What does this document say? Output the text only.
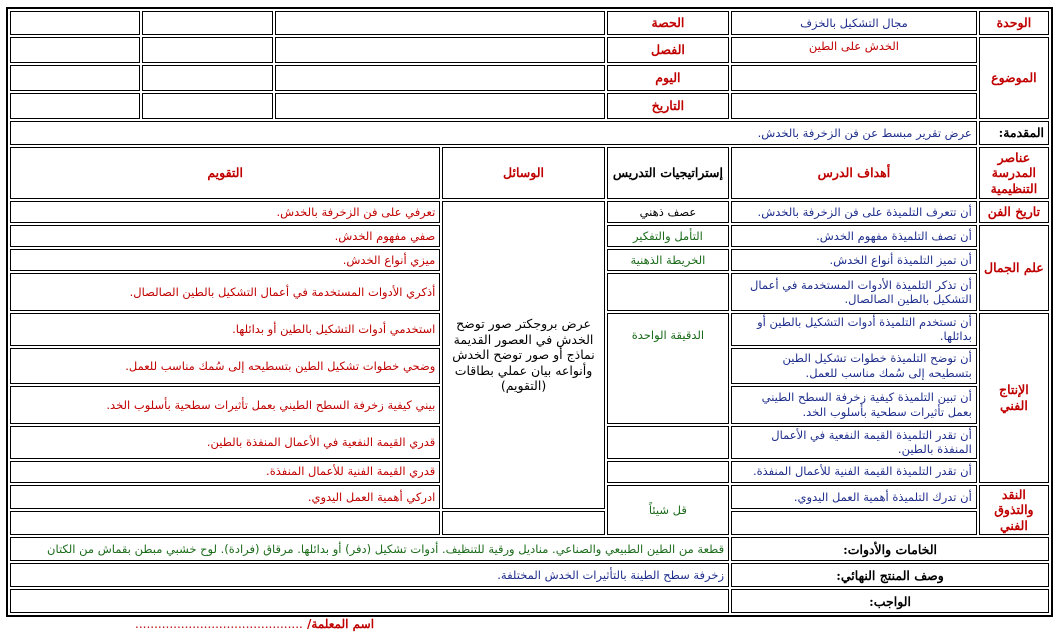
الوحدة	مجال التشكيل بالخزف	الحصة				
الموضوع	الخدش على الطين	الفصل				
		اليوم				
		التاريخ				
المقدمة:	عرض تقرير مبسط عن فن الزخرفة بالخدش.					
عناصر المدرسة التنظيمية	أهداف الدرس	إستراتيجيات التدريس	الوسائل	التقويم		
تاريخ الفن	أن تتعرف التلميذة على فن الزخرفة بالخدش.	عصف ذهني	عرض بروجكتر صور توضح الخدش في العصور القديمة نماذج أو صور توضح الخدش وأنواعه بيان عملي بطاقات (التقويم)	تعرفي على فن الزخرفة بالخدش.		
علم الجمال	أن تصف التلميذة مفهوم الخدش.	التأمل والتفكير		صفي مفهوم الخدش.		
	أن تميز التلميذة أنواع الخدش.	الخريطة الذهنية		ميزي أنواع الخدش.		
	أن تذكر التلميذة الأدوات المستخدمة في أعمال التشكيل بالطين الصالصال.			أذكري الأدوات المستخدمة في أعمال التشكيل بالطين الصالصال.		
الإنتاج الفني	أن تستخدم التلميذة أدوات التشكيل بالطين أو بدائلها.	الدقيقة الواحدة		استخدمي أدوات التشكيل بالطين أو بدائلها.		
	أن توضح التلميذة خطوات تشكيل الطين بتسطيحه إلى سُمك مناسب للعمل.			وضحي خطوات تشكيل الطين بتسطيحه إلى سُمك مناسب للعمل.		
	أن تبين التلميذة كيفية زخرفة السطح الطيني بعمل تأثيرات سطحية بأسلوب الخد.			بيني كيفية زخرفة السطح الطيني بعمل تأثيرات سطحية بأسلوب الخد.		
	أن تقدر التلميذة القيمة النفعية في الأعمال المنفذة بالطين.			قدري القيمة النفعية في الأعمال المنفذة بالطين.		
	أن تقدر التلميذة القيمة الفنية للأعمال المنفذة.			قدري القيمة الفنية للأعمال المنفذة.		
النقد والتذوق الفني	أن تدرك التلميذة أهمية العمل اليدوي.	قل شيئاً		ادركي أهمية العمل اليدوي.		

الخامات والأدوات:		قطعة من الطين الطبيعي والصناعي. مناديل ورقية للتنظيف. أدوات تشكيل (دفر) أو بدائلها. مرقاق (فرادة). لوح خشبي مبطن بقماش من الكتان				
وصف المنتج النهائي:		زخرفة سطح الطينة بالتأثيرات الخدش المختلفة.				
الواجب:						
اسم المعلمة/ ............................................
